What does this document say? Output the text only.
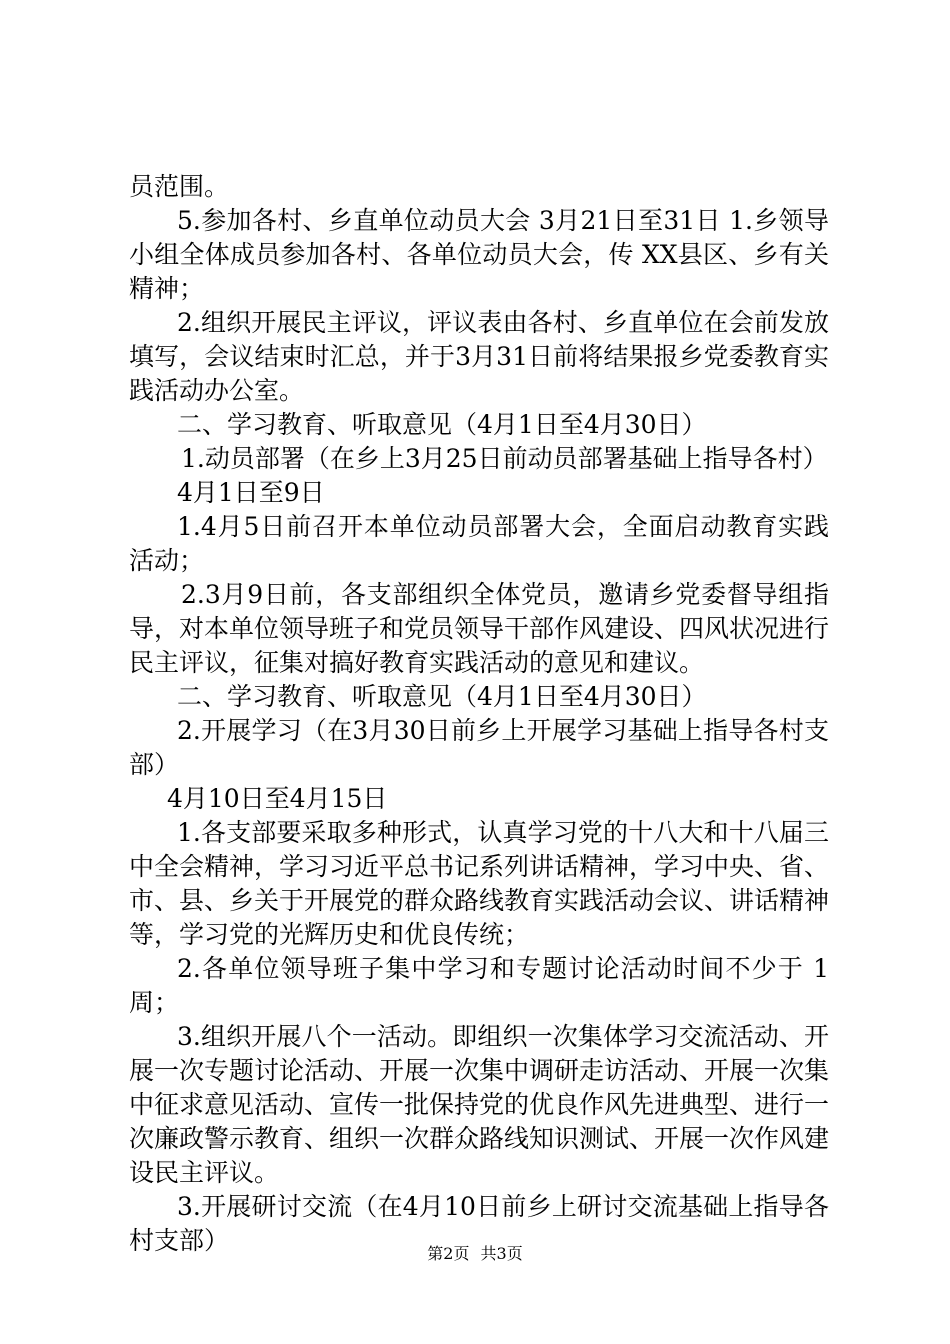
员范围。

5.参加各村、乡直单位动员大会 3月21日至31日 1.乡领导小组全体成员参加各村、各单位动员大会，传 XX县区、乡有关精神；

2.组织开展民主评议，评议表由各村、乡直单位在会前发放填写，会议结束时汇总，并于3月31日前将结果报乡党委教育实践活动办公室。

二、学习教育、听取意见（4月1日至4月30日）

1.动员部署（在乡上3月25日前动员部署基础上指导各村）

4月1日至9日

1.4月5日前召开本单位动员部署大会，全面启动教育实践活动；

2.3月9日前，各支部组织全体党员，邀请乡党委督导组指导，对本单位领导班子和党员领导干部作风建设、四风状况进行民主评议，征集对搞好教育实践活动的意见和建议。

二、学习教育、听取意见（4月1日至4月30日）

2.开展学习（在3月30日前乡上开展学习基础上指导各村支部）

4月10日至4月15日

1.各支部要采取多种形式，认真学习党的十八大和十八届三中全会精神，学习习近平总书记系列讲话精神，学习中央、省、市、县、乡关于开展党的群众路线教育实践活动会议、讲话精神等，学习党的光辉历史和优良传统；

2.各单位领导班子集中学习和专题讨论活动时间不少于 1周；

3.组织开展八个一活动。即组织一次集体学习交流活动、开展一次专题讨论活动、开展一次集中调研走访活动、开展一次集中征求意见活动、宣传一批保持党的优良作风先进典型、进行一次廉政警示教育、组织一次群众路线知识测试、开展一次作风建设民主评议。

3.开展研讨交流（在4月10日前乡上研讨交流基础上指导各村支部）	第2页 共3页
